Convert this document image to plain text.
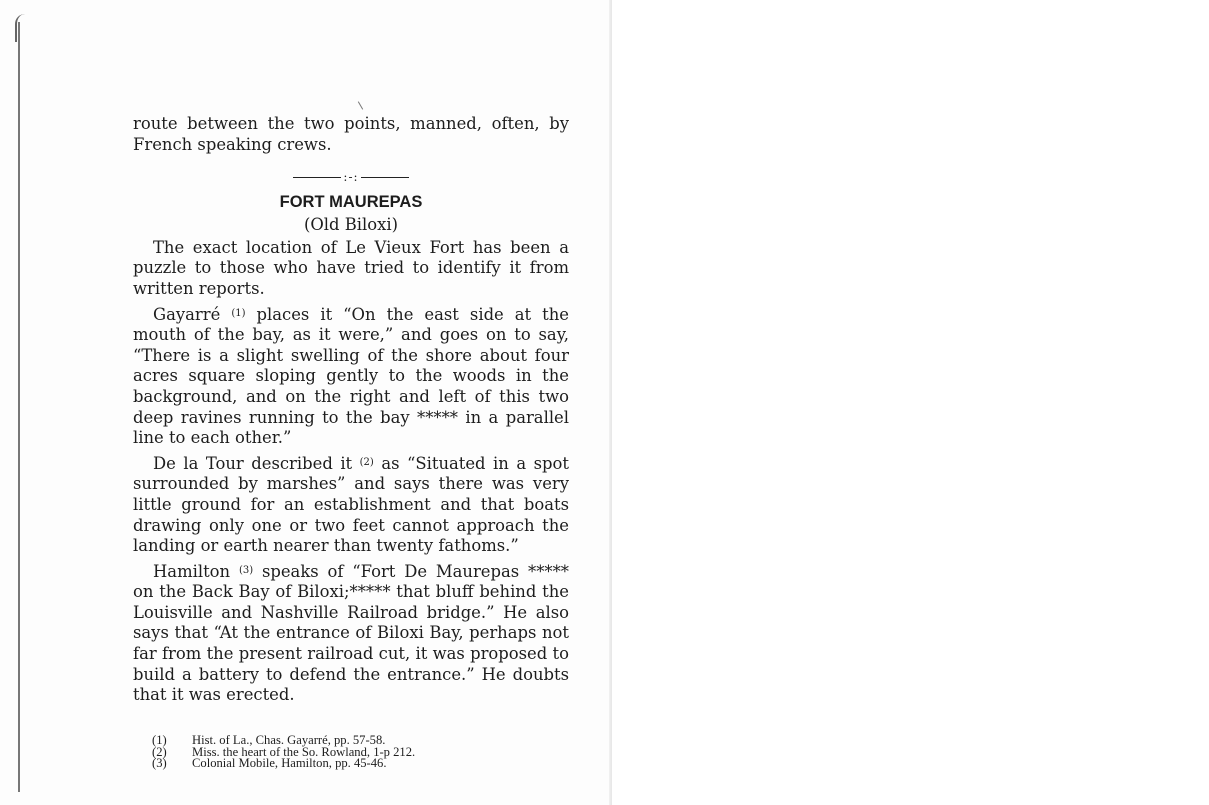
route between the two points, manned, often, by French speaking crews.

:-:
FORT MAUREPAS
(Old Biloxi)

The exact location of Le Vieux Fort has been a puzzle to those who have tried to identify it from written reports.

Gayarré $^{(1)}$ places it “On the east side at the mouth of the bay, as it were,” and goes on to say, “There is a slight swelling of the shore about four acres square sloping gently to the woods in the background, and on the right and left of this two deep ravines running to the bay ***** in a parallel line to each other.”

De la Tour described it $^{(2)}$ as “Situated in a spot surrounded by marshes” and says there was very little ground for an establishment and that boats drawing only one or two feet cannot approach the landing or earth nearer than twenty fathoms.”

Hamilton $^{(3)}$ speaks of “Fort De Maurepas ***** on the Back Bay of Biloxi;***** that bluff behind the Louisville and Nashville Railroad bridge.” He also says that “At the entrance of Biloxi Bay, perhaps not far from the present railroad cut, it was proposed to build a battery to defend the entrance.” He doubts that it was erected.

(1)	Hist. of La., Chas. Gayarré, pp. 57-58.
(2)	Miss. the heart of the So. Rowland, 1-p 212.
(3)	Colonial Mobile, Hamilton, pp. 45-46.
